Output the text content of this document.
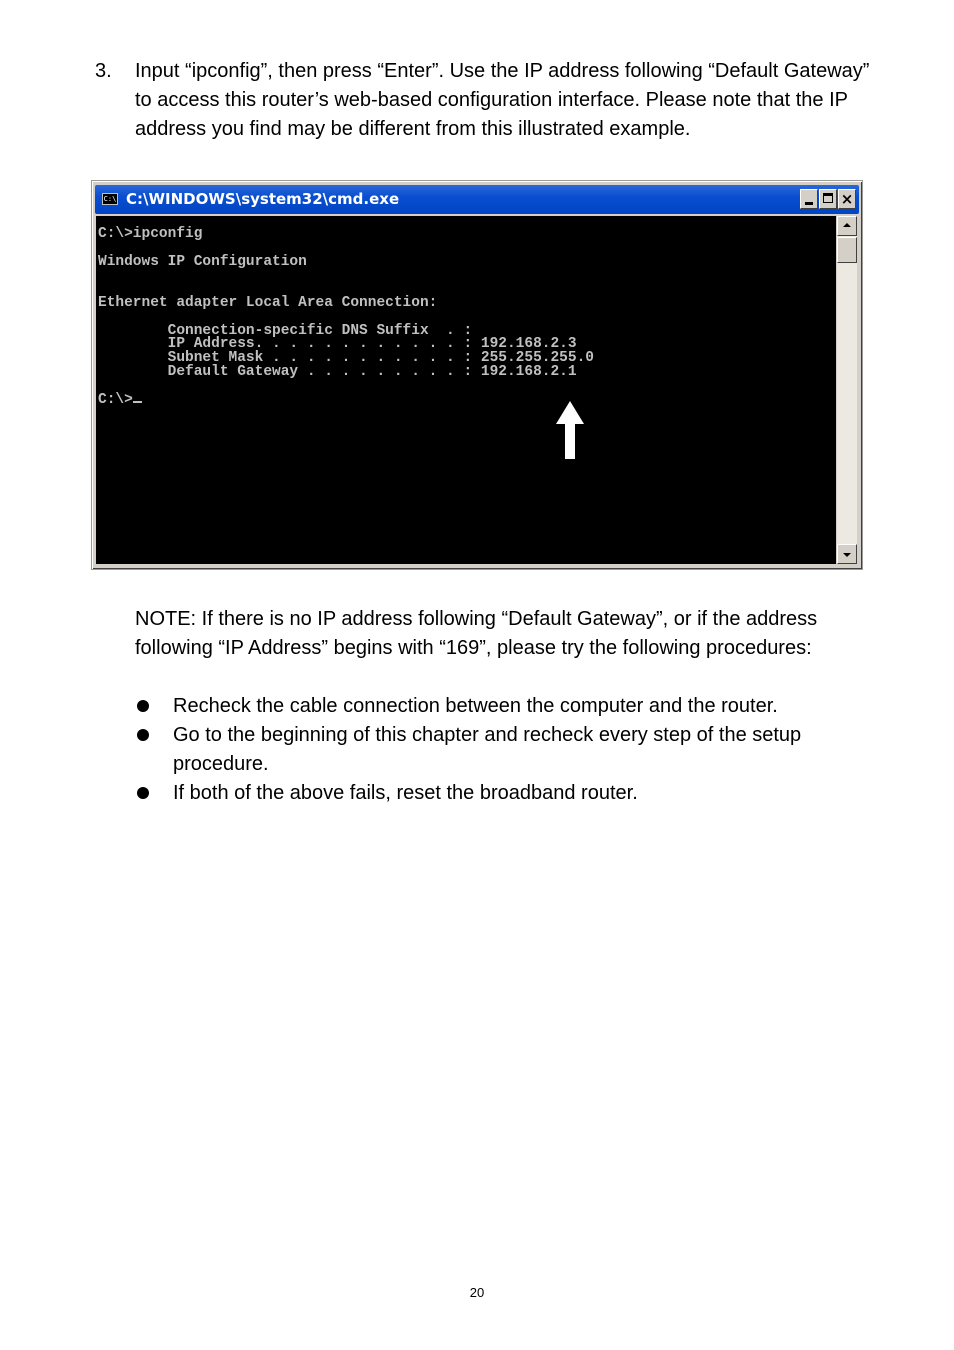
3. Input “ipconfig”, then press “Enter”. Use the IP address following “Default Gateway” to access this router’s web-based configuration interface. Please note that the IP address you find may be different from this illustrated example.
C:\ C:\WINDOWS\system32\cmd.exe	×
C:\>ipconfig

Windows IP Configuration

Ethernet adapter Local Area Connection:

Connection-specific DNS Suffix  . :
IP Address. . . . . . . . . . . . : 192.168.2.3
Subnet Mask . . . . . . . . . . . : 255.255.255.0
Default Gateway . . . . . . . . . : 192.168.2.1

C:\>
NOTE: If there is no IP address following “Default Gateway”, or if the address following “IP Address” begins with “169”, please try the following procedures:
Recheck the cable connection between the computer and the router.
Go to the beginning of this chapter and recheck every step of the setup procedure.
If both of the above fails, reset the broadband router.
20
